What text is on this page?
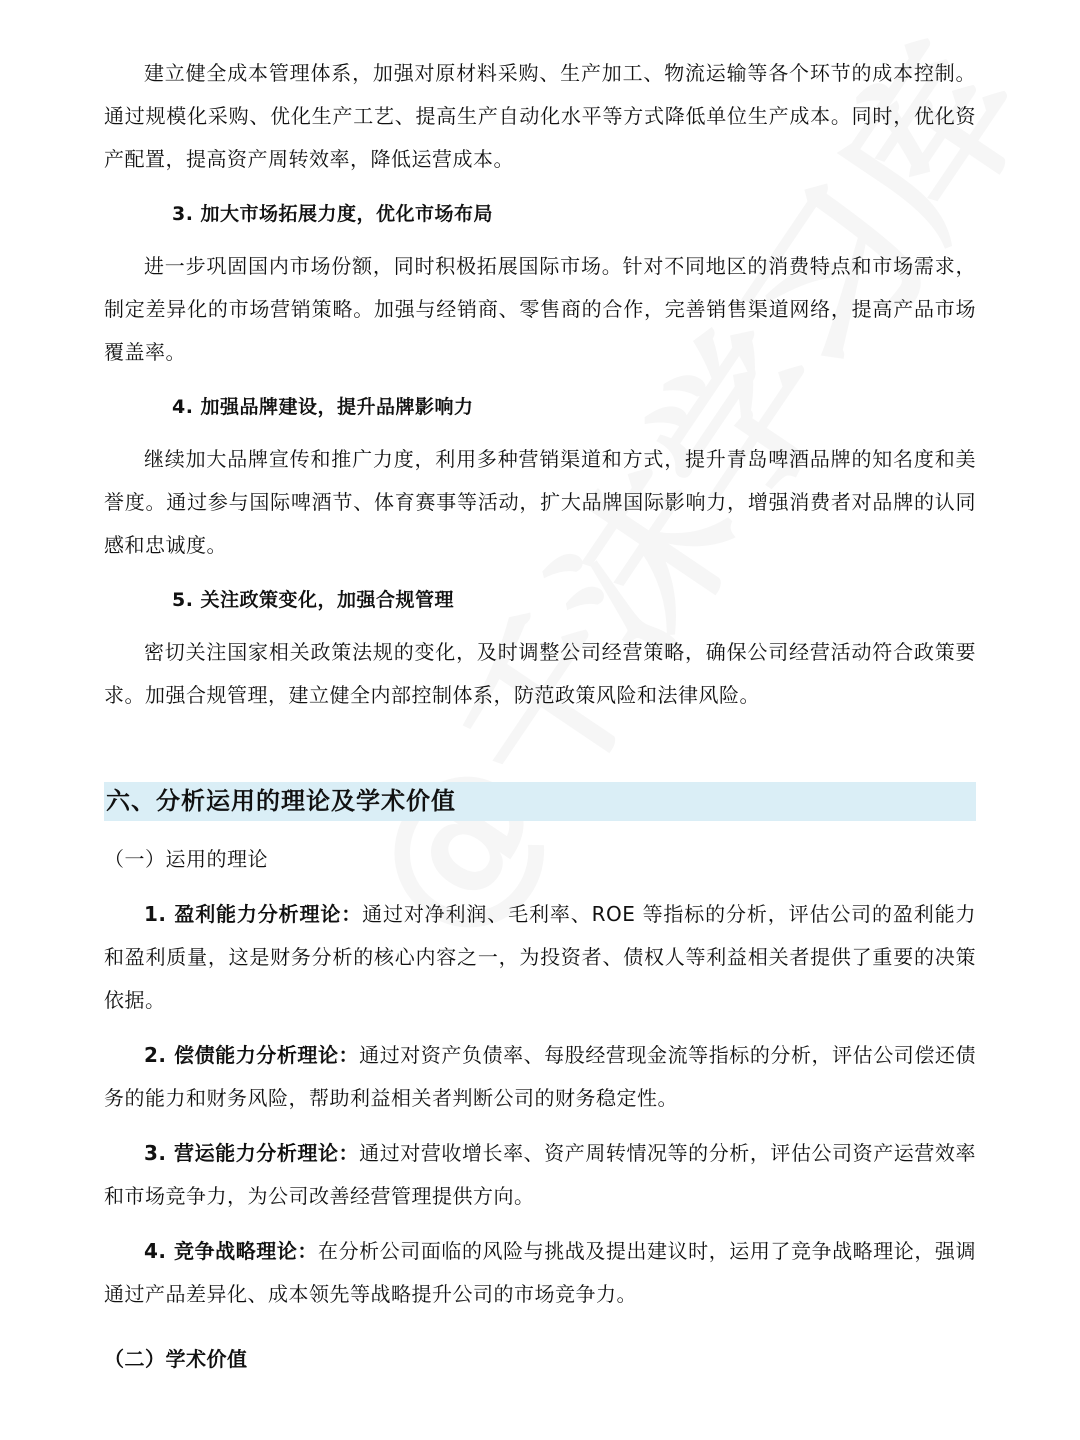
建立健全成本管理体系，加强对原材料采购、生产加工、物流运输等各个环节的成本控制。通过规模化采购、优化生产工艺、提高生产自动化水平等方式降低单位生产成本。同时，优化资产配置，提高资产周转效率，降低运营成本。

3. 加大市场拓展力度，优化市场布局

进一步巩固国内市场份额，同时积极拓展国际市场。针对不同地区的消费特点和市场需求，制定差异化的市场营销策略。加强与经销商、零售商的合作，完善销售渠道网络，提高产品市场覆盖率。

4. 加强品牌建设，提升品牌影响力

继续加大品牌宣传和推广力度，利用多种营销渠道和方式，提升青岛啤酒品牌的知名度和美誉度。通过参与国际啤酒节、体育赛事等活动，扩大品牌国际影响力，增强消费者对品牌的认同感和忠诚度。

5. 关注政策变化，加强合规管理

密切关注国家相关政策法规的变化，及时调整公司经营策略，确保公司经营活动符合政策要求。加强合规管理，建立健全内部控制体系，防范政策风险和法律风险。

六、分析运用的理论及学术价值
（一）运用的理论

1. 盈利能力分析理论：通过对净利润、毛利率、ROE 等指标的分析，评估公司的盈利能力和盈利质量，这是财务分析的核心内容之一，为投资者、债权人等利益相关者提供了重要的决策依据。

2. 偿债能力分析理论：通过对资产负债率、每股经营现金流等指标的分析，评估公司偿还债务的能力和财务风险，帮助利益相关者判断公司的财务稳定性。

3. 营运能力分析理论：通过对营收增长率、资产周转情况等的分析，评估公司资产运营效率和市场竞争力，为公司改善经营管理提供方向。

4. 竞争战略理论：在分析公司面临的风险与挑战及提出建议时，运用了竞争战略理论，强调通过产品差异化、成本领先等战略提升公司的市场竞争力。

（二）学术价值
